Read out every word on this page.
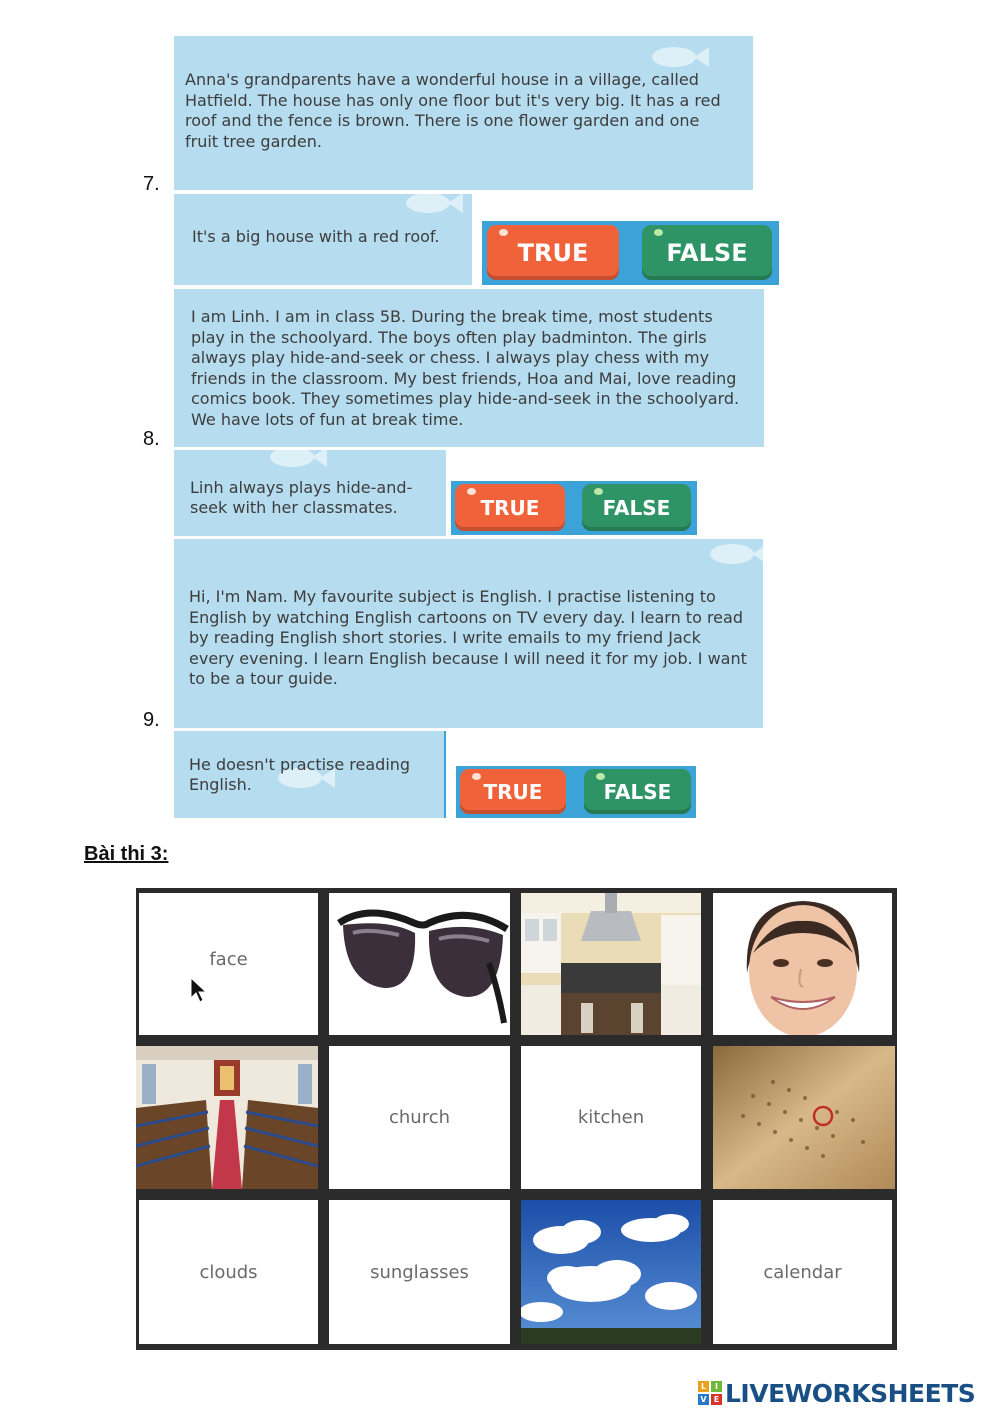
7.
Anna's grandparents have a wonderful house in a village, called Hatfield. The house has only one floor but it's very big. It has a red roof and the fence is brown. There is one flower garden and one fruit tree garden.
It's a big house with a red roof.
TRUE	FALSE
8.
I am Linh. I am in class 5B. During the break time, most students play in the schoolyard. The boys often play badminton. The girls always play hide-and-seek or chess. I always play chess with my friends in the classroom. My best friends, Hoa and Mai, love reading comics book. They sometimes play hide-and-seek in the schoolyard. We have lots of fun at break time.
Linh always plays hide-and-seek with her classmates.	TRUE	FALSE
9.
Hi, I'm Nam. My favourite subject is English. I practise listening to English by watching English cartoons on TV every day. I learn to read by reading English short stories. I write emails to my friend Jack every evening. I learn English because I will need it for my job. I want to be a tour guide.
He doesn't practise reading English.	TRUE	FALSE
Bài thi 3:
face
church	kitchen
clouds	sunglasses	calendar
L	I
V E LIVEWORKSHEETS
